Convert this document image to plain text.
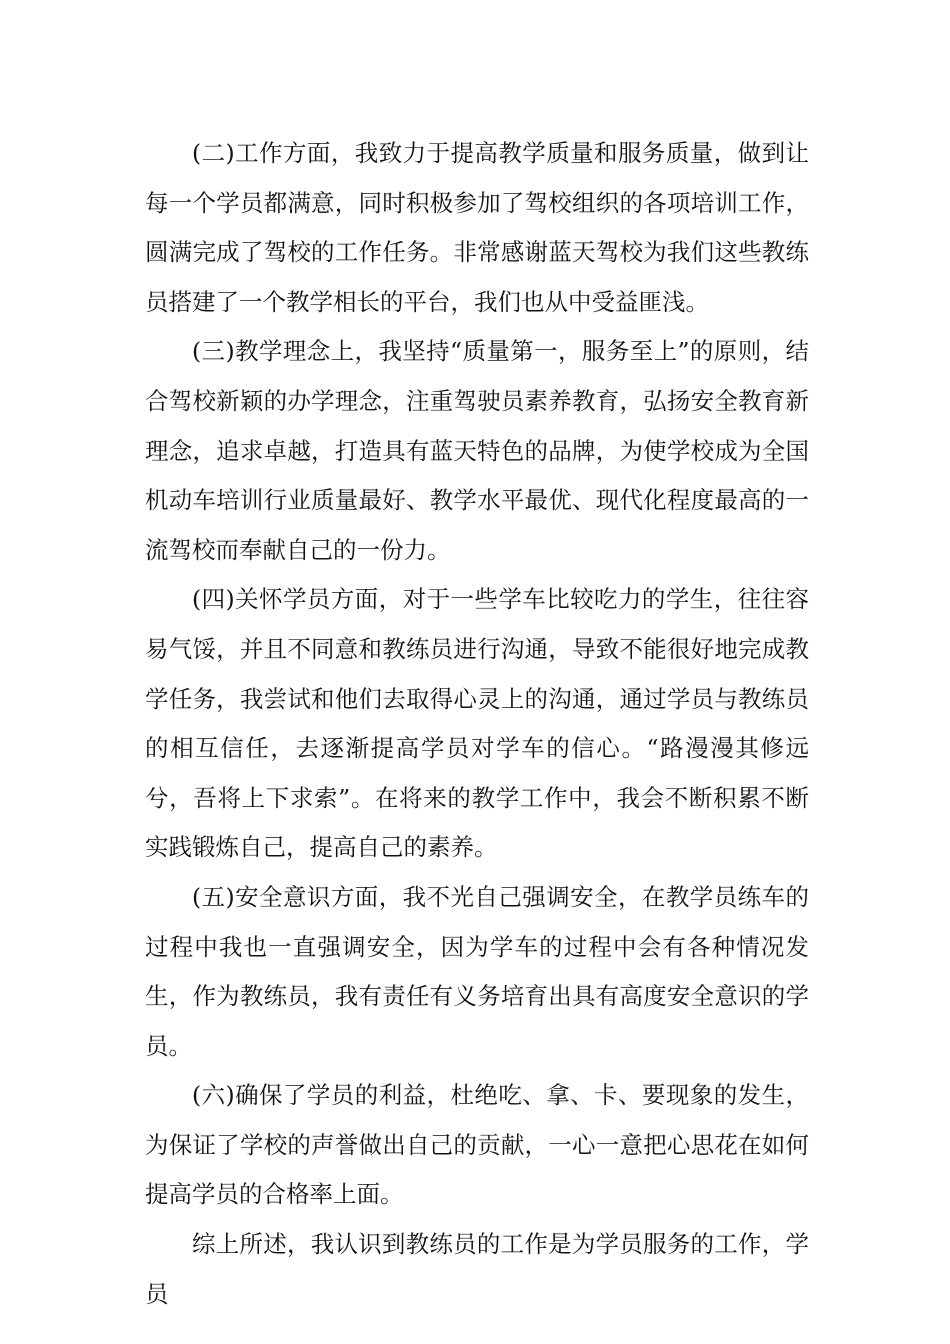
(二)工作方面，我致力于提高教学质量和服务质量，做到让每一个学员都满意，同时积极参加了驾校组织的各项培训工作，圆满完成了驾校的工作任务。非常感谢蓝天驾校为我们这些教练员搭建了一个教学相长的平台，我们也从中受益匪浅。

(三)教学理念上，我坚持“质量第一，服务至上”的原则，结合驾校新颖的办学理念，注重驾驶员素养教育，弘扬安全教育新理念，追求卓越，打造具有蓝天特色的品牌，为使学校成为全国机动车培训行业质量最好、教学水平最优、现代化程度最高的一流驾校而奉献自己的一份力。

(四)关怀学员方面，对于一些学车比较吃力的学生，往往容易气馁，并且不同意和教练员进行沟通，导致不能很好地完成教学任务，我尝试和他们去取得心灵上的沟通，通过学员与教练员的相互信任，去逐渐提高学员对学车的信心。“路漫漫其修远兮，吾将上下求索”。在将来的教学工作中，我会不断积累不断实践锻炼自己，提高自己的素养。

(五)安全意识方面，我不光自己强调安全，在教学员练车的过程中我也一直强调安全，因为学车的过程中会有各种情况发生，作为教练员，我有责任有义务培育出具有高度安全意识的学员。

(六)确保了学员的利益，杜绝吃、拿、卡、要现象的发生，为保证了学校的声誉做出自己的贡献，一心一意把心思花在如何提高学员的合格率上面。

综上所述，我认识到教练员的工作是为学员服务的工作，学员
